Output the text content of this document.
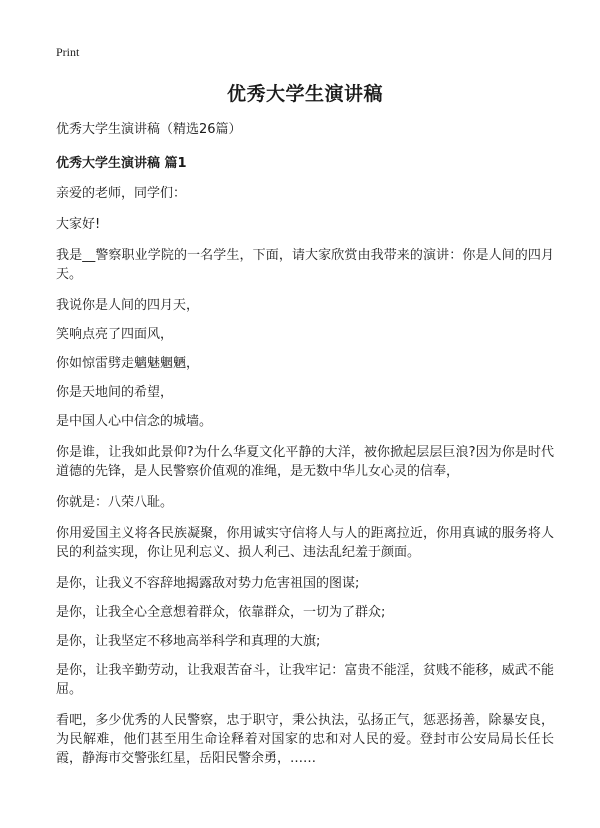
Print
优秀大学生演讲稿
优秀大学生演讲稿（精选26篇）
优秀大学生演讲稿 篇1

亲爱的老师，同学们：

大家好!

我是__警察职业学院的一名学生，下面，请大家欣赏由我带来的演讲：你是人间的四月天。

我说你是人间的四月天，

笑响点亮了四面风，

你如惊雷劈走魑魅魍魉，

你是天地间的希望，

是中国人心中信念的城墙。

你是谁，让我如此景仰?为什么华夏文化平静的大洋，被你掀起层层巨浪?因为你是时代道德的先锋，是人民警察价值观的准绳，是无数中华儿女心灵的信奉，

你就是：八荣八耻。

你用爱国主义将各民族凝聚，你用诚实守信将人与人的距离拉近，你用真诚的服务将人民的利益实现，你让见利忘义、损人利己、违法乱纪羞于颜面。

是你，让我义不容辞地揭露敌对势力危害祖国的图谋;

是你，让我全心全意想着群众，依靠群众，一切为了群众;

是你，让我坚定不移地高举科学和真理的大旗;

是你，让我辛勤劳动，让我艰苦奋斗，让我牢记：富贵不能淫，贫贱不能移，威武不能屈。

看吧，多少优秀的人民警察，忠于职守，秉公执法，弘扬正气，惩恶扬善，除暴安良，为民解难，他们甚至用生命诠释着对国家的忠和对人民的爱。登封市公安局局长任长霞，静海市交警张红星，岳阳民警余勇，……
